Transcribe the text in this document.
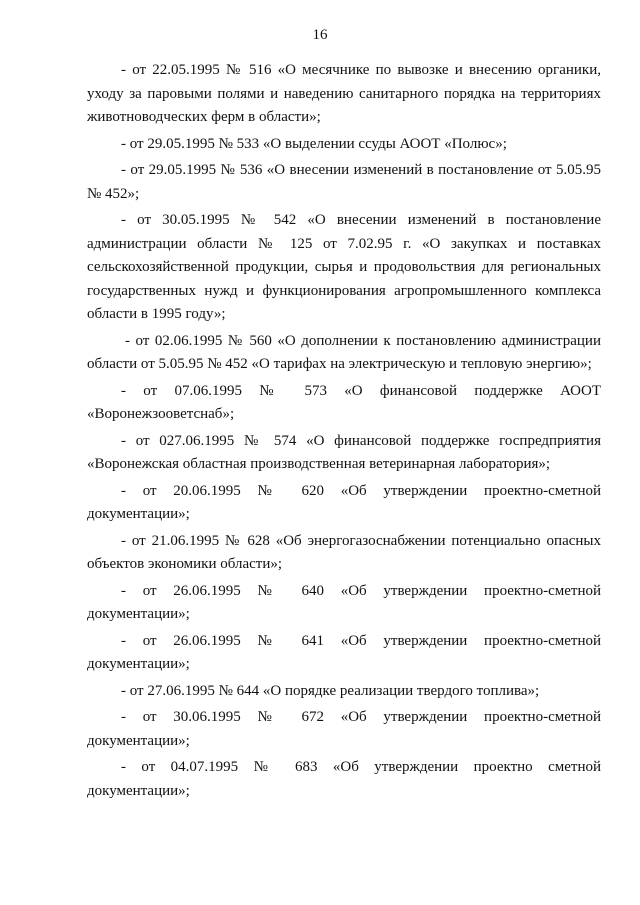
16

- от 22.05.1995 № 516 «О месячнике по вывозке и внесению органики, уходу за паровыми полями и наведению санитарного порядка на территориях животноводческих ферм в области»;

- от 29.05.1995 № 533 «О выделении ссуды АООТ «Полюс»;

- от 29.05.1995 № 536 «О внесении изменений в постановление от 5.05.95 № 452»;

- от 30.05.1995 № 542 «О внесении изменений в постановление администрации области № 125 от 7.02.95 г. «О закупках и поставках сельскохозяйственной продукции, сырья и продовольствия для региональных государственных нужд и функционирования агропромышленного комплекса области в 1995 году»;

- от 02.06.1995 № 560 «О дополнении к постановлению администрации области от 5.05.95 № 452 «О тарифах на электрическую и тепловую энергию»;

- от 07.06.1995 № 573 «О финансовой поддержке АООТ «Воронежзооветснаб»;

- от 027.06.1995 № 574 «О финансовой поддержке госпредприятия «Воронежская областная производственная ветеринарная лаборатория»;

- от 20.06.1995 № 620 «Об утверждении проектно-сметной документации»;

- от 21.06.1995 № 628 «Об энергогазоснабжении потенциально опасных объектов экономики области»;

- от 26.06.1995 № 640 «Об утверждении проектно-сметной документации»;

- от 26.06.1995 № 641 «Об утверждении проектно-сметной документации»;

- от 27.06.1995 № 644 «О порядке реализации твердого топлива»;

- от 30.06.1995 № 672 «Об утверждении проектно-сметной документации»;

- от 04.07.1995 № 683 «Об утверждении проектно сметной документации»;
